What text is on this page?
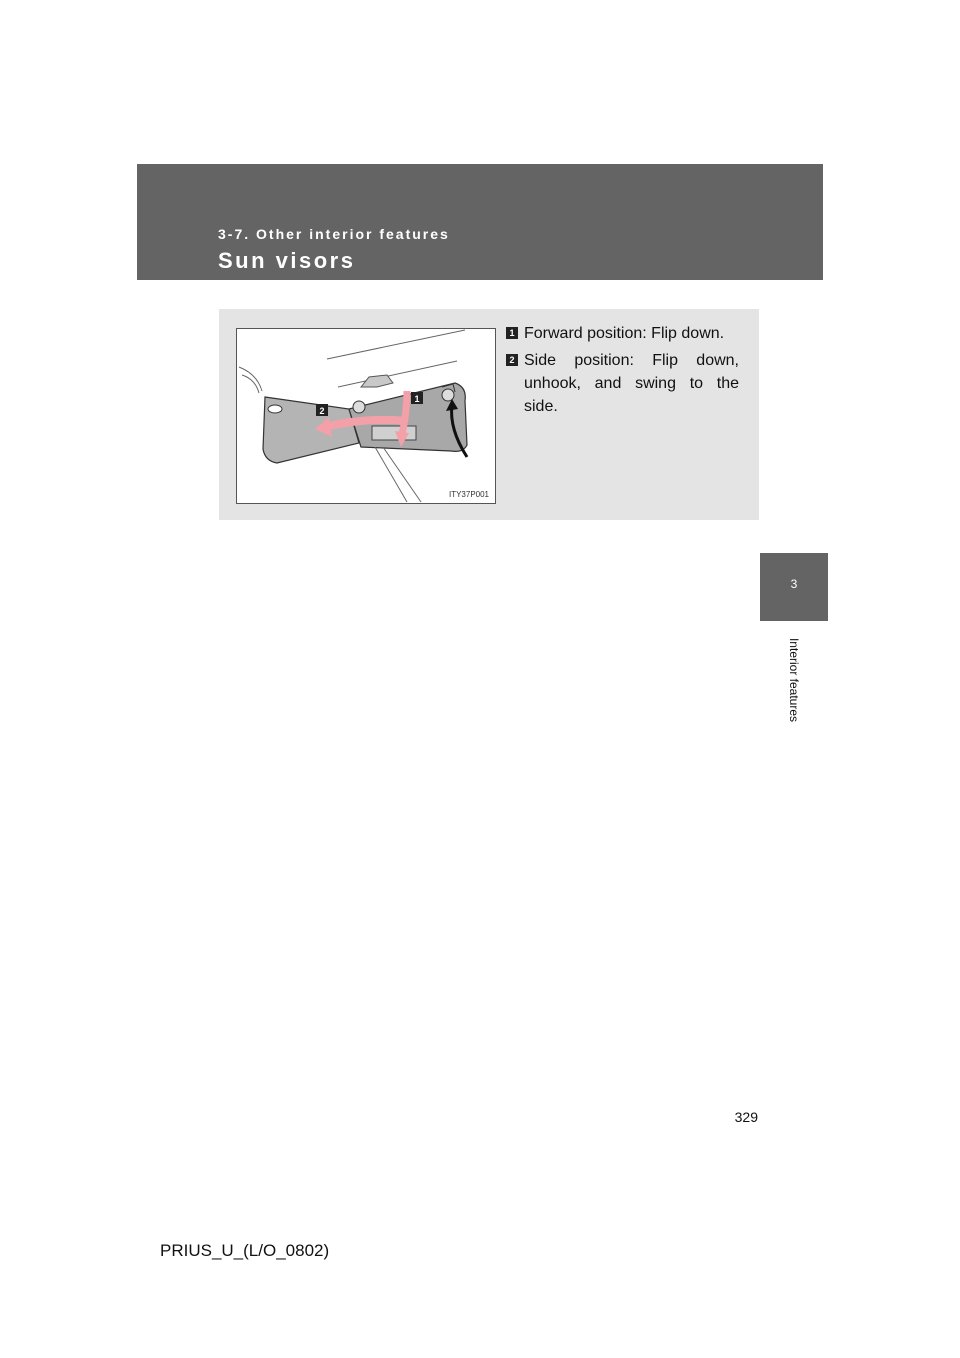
3-7. Other interior features
Sun visors
3
Interior features
1
2
ITY37P001
1 Forward position: Flip down.
2 Side position: Flip down, unhook, and swing to the side.
329
PRIUS_U_(L/O_0802)
